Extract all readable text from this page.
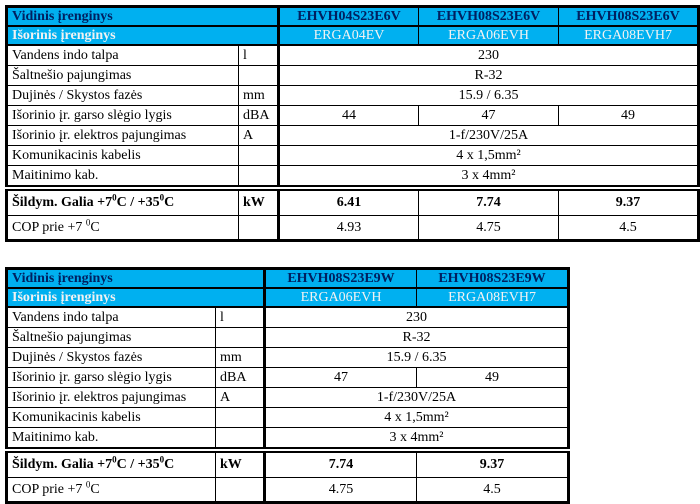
Vidinis įrenginys		EHVH04S23E6V	EHVH08S23E6V	EHVH08S23E6V
Išorinis įrenginys		ERGA04EV	ERGA06EVH	ERGA08EVH7
Vandens indo talpa	l	230		
Šaltnešio pajungimas		R-32		
Dujinės / Skystos fazės	mm	15.9 / 6.35		
Išorinio įr. garso slėgio lygis	dBA	44	47	49
Išorinio įr. elektros pajungimas	A	1-f/230V/25A		
Komunikacinis kabelis		4 x 1,5mm²		
Maitinimo kab.		3 x 4mm²		
Šildym. Galia $+7^0C / +35^0C$	kW	6.41	7.74	9.37
COP prie +7 $^0$C		4.93	4.75	4.5
Vidinis įrenginys		EHVH08S23E9W	EHVH08S23E9W
Išorinis įrenginys		ERGA06EVH	ERGA08EVH7
Vandens indo talpa	l	230	
Šaltnešio pajungimas		R-32	
Dujinės / Skystos fazės	mm	15.9 / 6.35	
Išorinio įr. garso slėgio lygis	dBA	47	49
Išorinio įr. elektros pajungimas	A	1-f/230V/25A	
Komunikacinis kabelis		4 x 1,5mm²	
Maitinimo kab.		3 x 4mm²	
Šildym. Galia $+7^0C / +35^0C$	kW	7.74	9.37
COP prie +7 $^0$C		4.75	4.5
